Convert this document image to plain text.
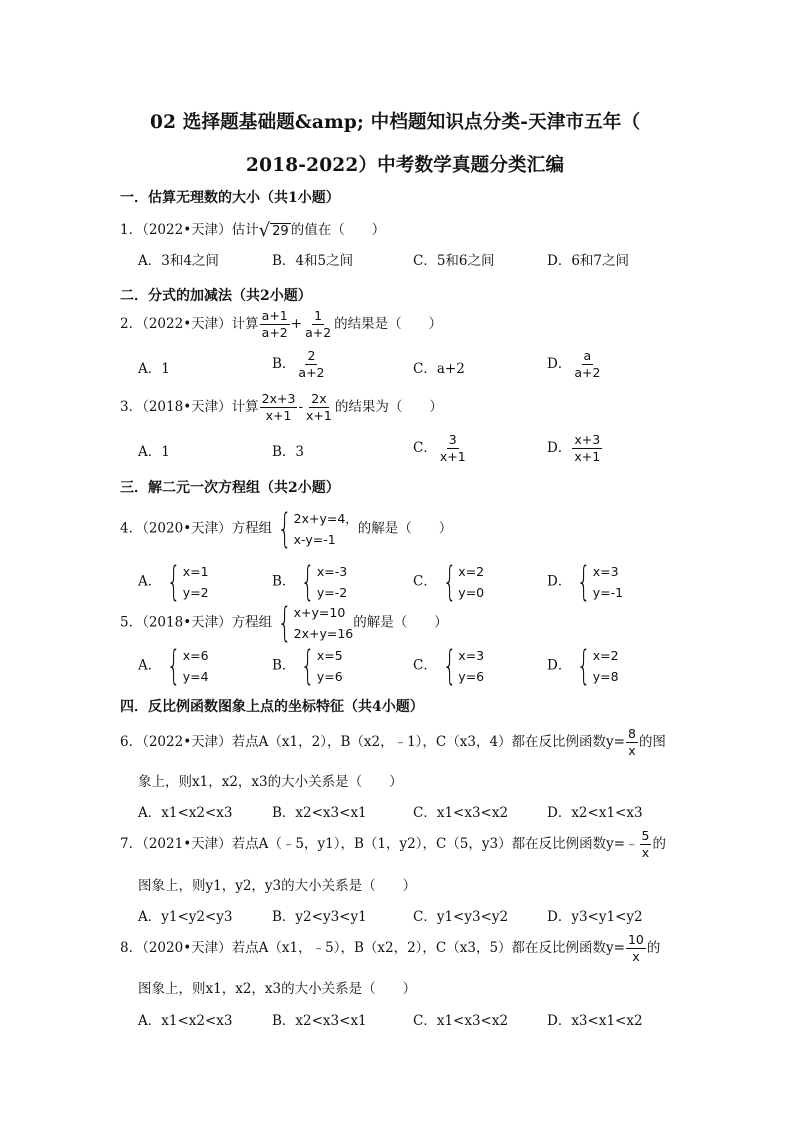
02 选择题基础题&amp; 中档题知识点分类-天津市五年（
2018-2022）中考数学真题分类汇编
一．估算无理数的大小（共1小题）
1．（2022•天津）估计 √ 29 的值在（　　）
A．3和4之间	B．4和5之间	C．5和6之间	D．6和7之间
二．分式的加减法（共2小题）
2．（2022•天津）计算 $\frac{a+1}{a+2} + \frac{1}{a+2}$ 的结果是（　　）
A．1	B． $\frac{2}{a+2}$	C．a+2	D． $\frac{a}{a+2}$
3．（2018•天津）计算 $\frac{2x+3}{x+1} - \frac{2x}{x+1}$ 的结果为（　　）
A．1	B．3	C． $\frac{3}{x+1}$	D． $\frac{x+3}{x+1}$
三．解二元一次方程组（共2小题）
4．（2020•天津）方程组 { 2x+y=4，
x-y=-1
的解是（　　）
A． { x=1
y=2
B． { x=-3
y=-2
C． { x=2
y=0
D． { x=3
y=-1
5．（2018•天津）方程组 { x+y=10
2x+y=16
的解是（　　）
A． { x=6
y=4
B． { x=5
y=6
C． { x=3
y=6
D． { x=2
y=8
四．反比例函数图象上点的坐标特征（共4小题）
6．（2022•天津）若点A（x1，2），B（x2，﹣1），C（x3，4）都在反比例函数$y= \frac{8}{x}$ 的图
象上，则x1，x2，x3的大小关系是（　　）
A．x1<x2<x3	B．x2<x3<x1	C．x1<x3<x2	D．x2<x1<x3
7．（2021•天津）若点A（﹣5，y1），B（1，y2），C（5，y3）都在反比例函数y=﹣ $\frac{5}{x}$ 的
图象上，则y1，y2，y3的大小关系是（　　）
A．y1<y2<y3	B．y2<y3<y1	C．y1<y3<y2	D．y3<y1<y2
8．（2020•天津）若点A（x1，﹣5），B（x2，2），C（x3，5）都在反比例函数$y= \frac{10}{x}$ 的
图象上，则x1，x2，x3的大小关系是（　　）
A．x1<x2<x3	B．x2<x3<x1	C．x1<x3<x2	D．x3<x1<x2
